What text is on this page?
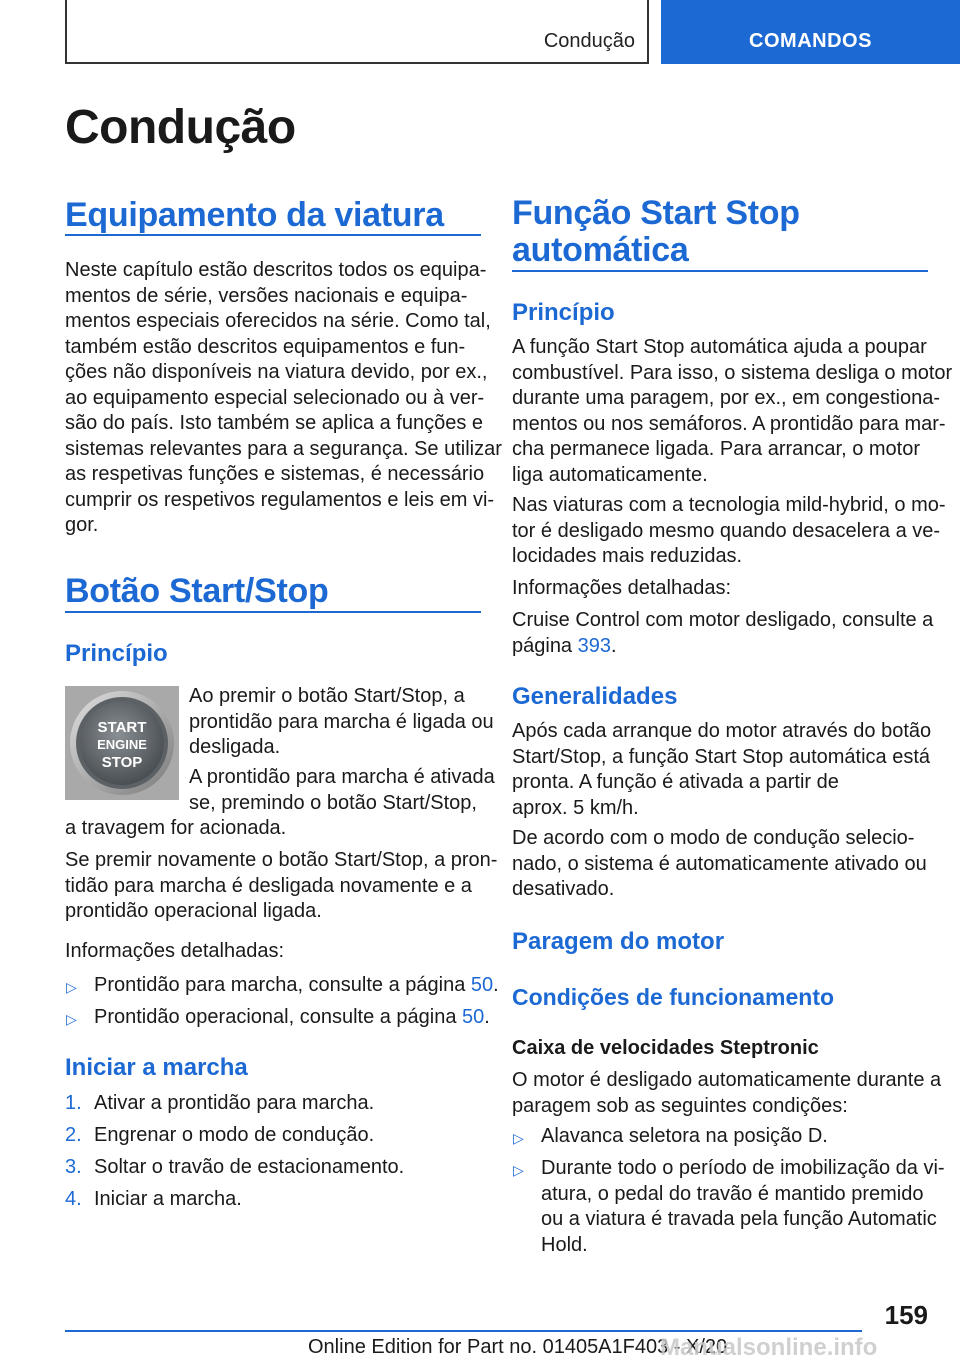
Condução	COMANDOS
Condução
Equipamento da viatura
Neste capítulo estão descritos todos os equipa-
mentos de série, versões nacionais e equipa-
mentos especiais oferecidos na série. Como tal,
também estão descritos equipamentos e fun-
ções não disponíveis na viatura devido, por ex.,
ao equipamento especial selecionado ou à ver-
são do país. Isto também se aplica a funções e
sistemas relevantes para a segurança. Se utilizar
as respetivas funções e sistemas, é necessário
cumprir os respetivos regulamentos e leis em vi-
gor.
Botão Start/Stop
Princípio
START
ENGINE
STOP
Ao premir o botão Start/Stop, a
prontidão para marcha é ligada ou
desligada.
A prontidão para marcha é ativada
se, premindo o botão Start/Stop,
a travagem for acionada.
Se premir novamente o botão Start/Stop, a pron-
tidão para marcha é desligada novamente e a
prontidão operacional ligada.
Informações detalhadas:
▷ Prontidão para marcha, consulte a página 50.
▷ Prontidão operacional, consulte a página 50.
Iniciar a marcha
1. Ativar a prontidão para marcha.
2. Engrenar o modo de condução.
3. Soltar o travão de estacionamento.
4. Iniciar a marcha.
Função Start Stop
automática
Princípio
A função Start Stop automática ajuda a poupar
combustível. Para isso, o sistema desliga o motor
durante uma paragem, por ex., em congestiona-
mentos ou nos semáforos. A prontidão para mar-
cha permanece ligada. Para arrancar, o motor
liga automaticamente.
Nas viaturas com a tecnologia mild-hybrid, o mo-
tor é desligado mesmo quando desacelera a ve-
locidades mais reduzidas.
Informações detalhadas:
Cruise Control com motor desligado, consulte a
página 393.
Generalidades
Após cada arranque do motor através do botão
Start/Stop, a função Start Stop automática está
pronta. A função é ativada a partir de
aprox. 5 km/h.
De acordo com o modo de condução selecio-
nado, o sistema é automaticamente ativado ou
desativado.
Paragem do motor
Condições de funcionamento
Caixa de velocidades Steptronic
O motor é desligado automaticamente durante a
paragem sob as seguintes condições:
▷ Alavanca seletora na posição D.
▷ Durante todo o período de imobilização da vi-
atura, o pedal do travão é mantido premido
ou a viatura é travada pela função Automatic
Hold.
159
Online Edition for Part no. 01405A1F403 - X/20
Manualsonline.info
